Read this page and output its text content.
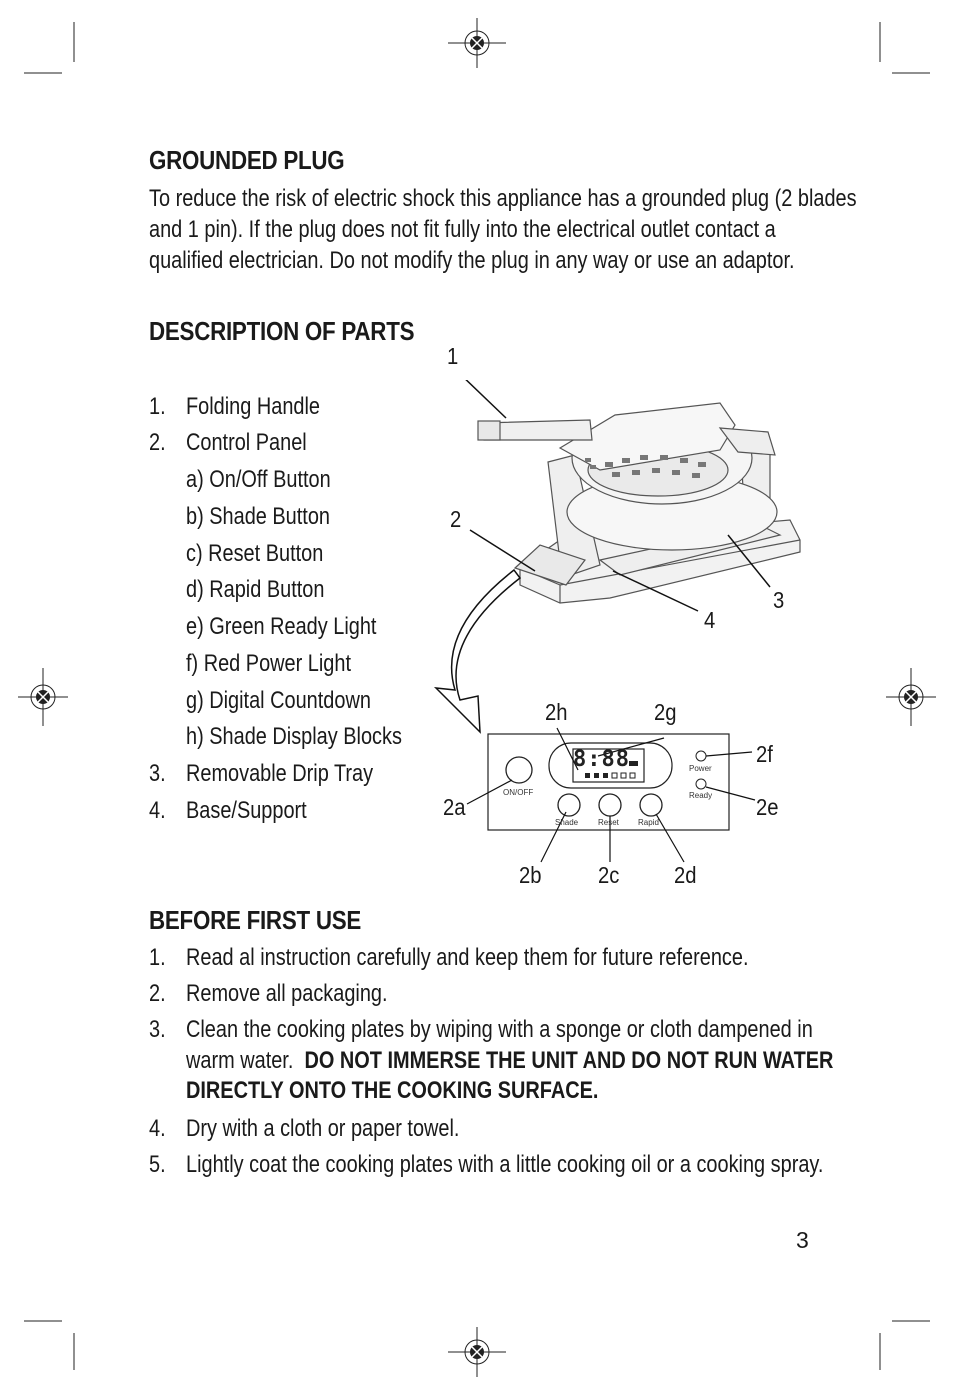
GROUNDED PLUG
To reduce the risk of electric shock this appliance has a grounded plug (2 blades
and 1 pin). If the plug does not fit fully into the electrical outlet contact a
qualified electrician. Do not modify the plug in any way or use an adaptor.
DESCRIPTION OF PARTS
1. Folding Handle
2. Control Panel
a) On/Off Button
b) Shade Button
c) Reset Button
d) Rapid Button
e) Green Ready Light
f) Red Power Light
g) Digital Countdown
h) Shade Display Blocks
3. Removable Drip Tray
4. Base/Support
1
2
3
4
8:88
ON/OFF
Shade Reset Rapid
Power
Ready
2h	2g
2f
2e
2a
2b 2c 2d
BEFORE FIRST USE
1. Read al instruction carefully and keep them for future reference.
2. Remove all packaging.
3. Clean the cooking plates by wiping with a sponge or cloth dampened in
warm water.  DO NOT IMMERSE THE UNIT AND DO NOT RUN WATER
DIRECTLY ONTO THE COOKING SURFACE.
4. Dry with a cloth or paper towel.
5. Lightly coat the cooking plates with a little cooking oil or a cooking spray.
3
